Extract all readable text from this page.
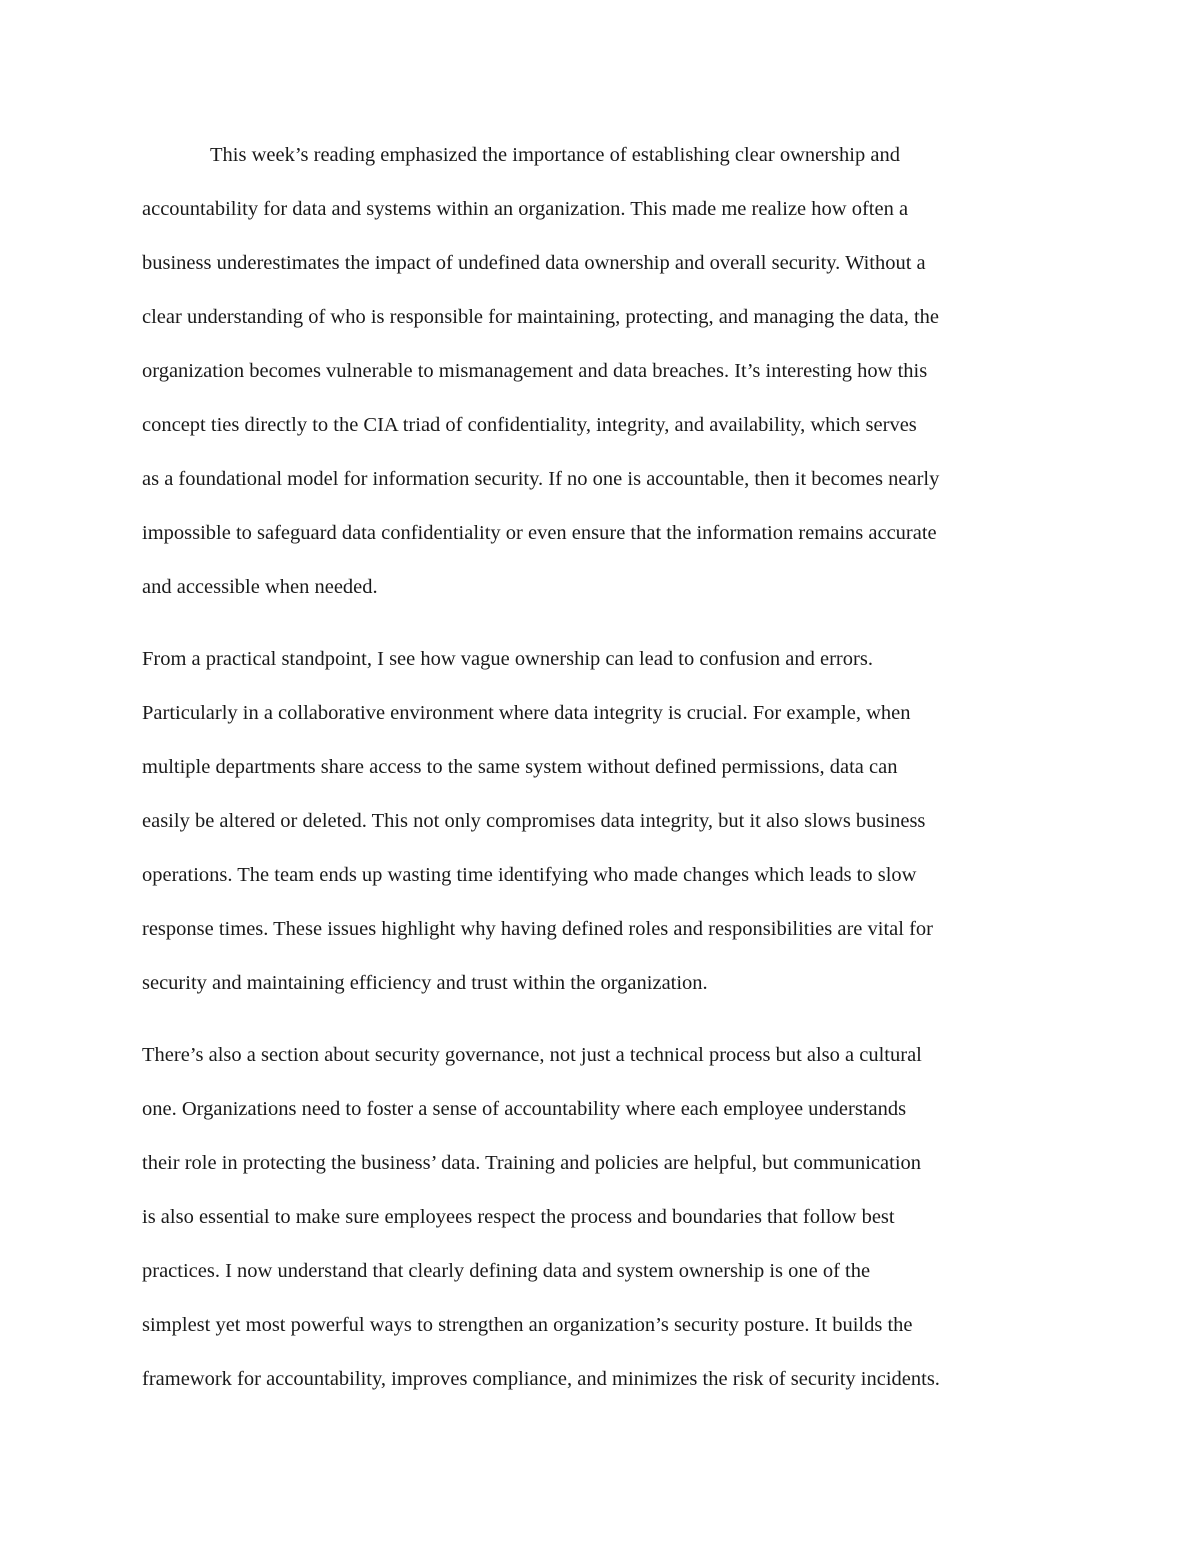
This week’s reading emphasized the importance of establishing clear ownership and
accountability for data and systems within an organization. This made me realize how often a
business underestimates the impact of undefined data ownership and overall security. Without a
clear understanding of who is responsible for maintaining, protecting, and managing the data, the
organization becomes vulnerable to mismanagement and data breaches. It’s interesting how this
concept ties directly to the CIA triad of confidentiality, integrity, and availability, which serves
as a foundational model for information security. If no one is accountable, then it becomes nearly
impossible to safeguard data confidentiality or even ensure that the information remains accurate
and accessible when needed.
From a practical standpoint, I see how vague ownership can lead to confusion and errors.
Particularly in a collaborative environment where data integrity is crucial. For example, when
multiple departments share access to the same system without defined permissions, data can
easily be altered or deleted. This not only compromises data integrity, but it also slows business
operations. The team ends up wasting time identifying who made changes which leads to slow
response times. These issues highlight why having defined roles and responsibilities are vital for
security and maintaining efficiency and trust within the organization.
There’s also a section about security governance, not just a technical process but also a cultural
one. Organizations need to foster a sense of accountability where each employee understands
their role in protecting the business’ data. Training and policies are helpful, but communication
is also essential to make sure employees respect the process and boundaries that follow best
practices. I now understand that clearly defining data and system ownership is one of the
simplest yet most powerful ways to strengthen an organization’s security posture. It builds the
framework for accountability, improves compliance, and minimizes the risk of security incidents.
